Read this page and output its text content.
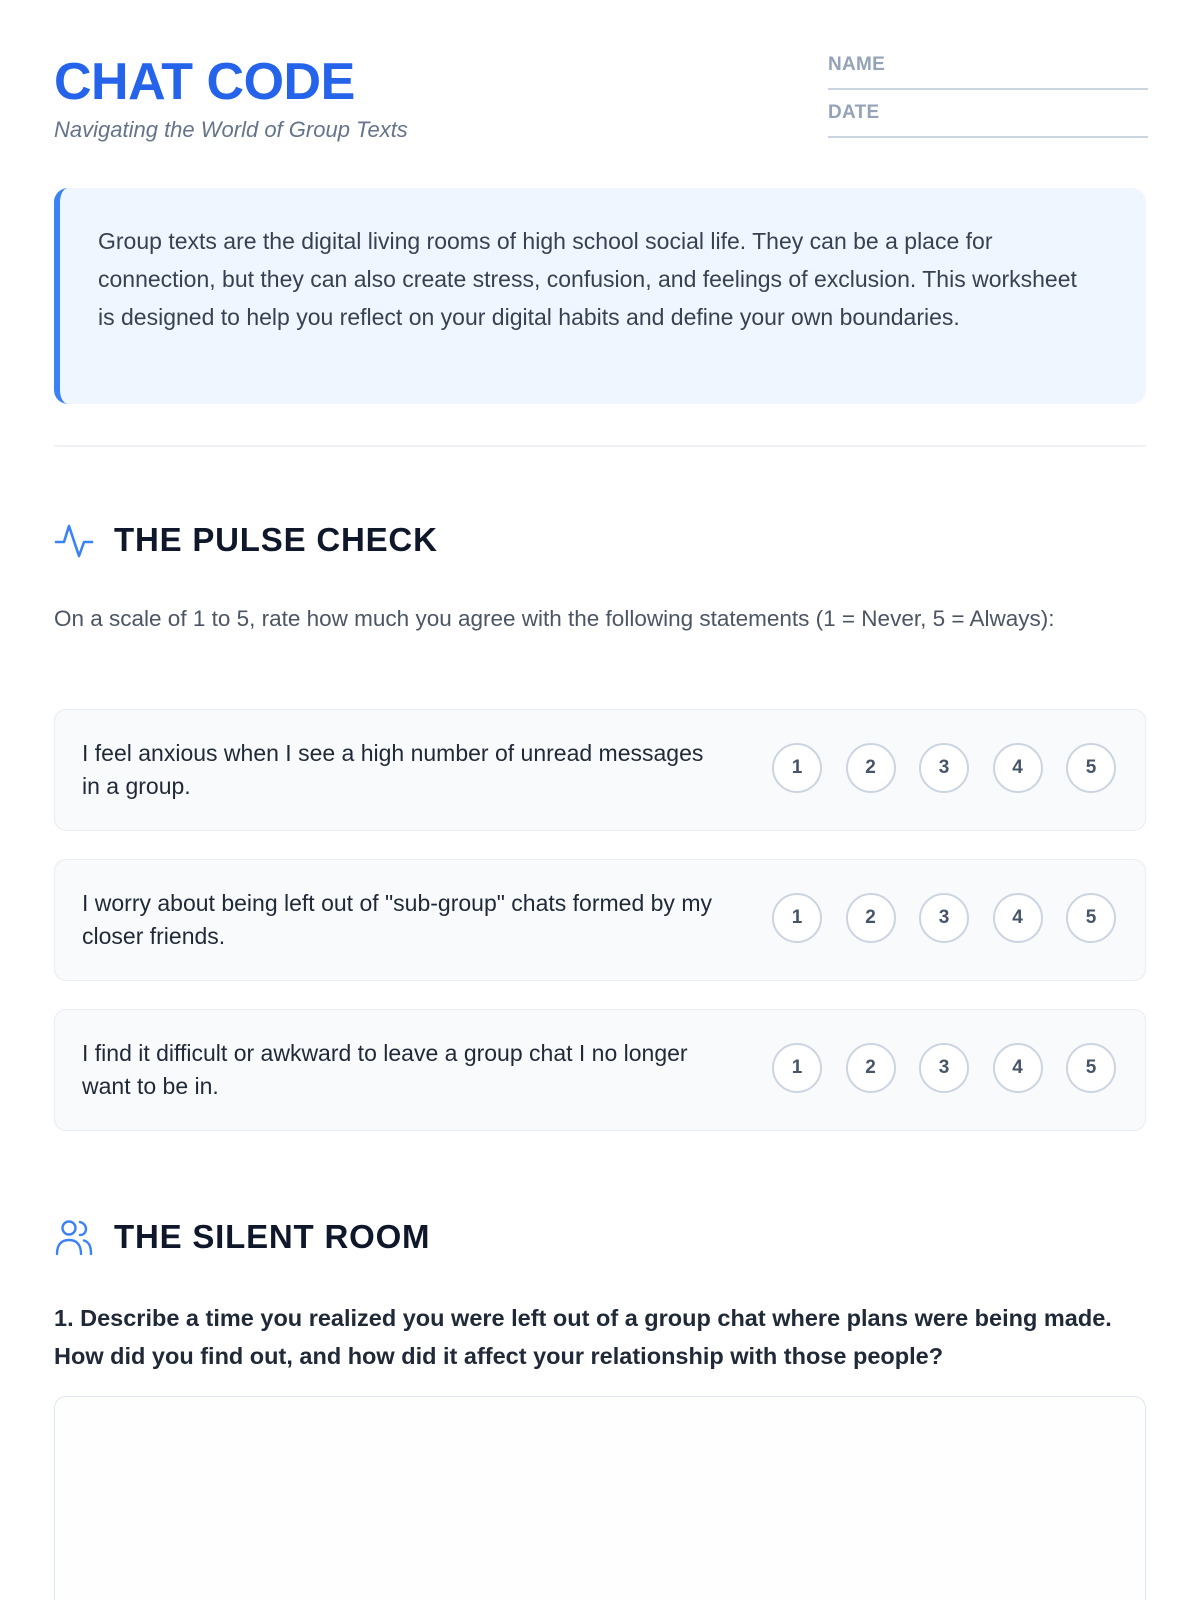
CHAT CODE
Navigating the World of Group Texts
NAME
DATE
Group texts are the digital living rooms of high school social life. They can be a place for connection, but they can also create stress, confusion, and feelings of exclusion. This worksheet is designed to help you reflect on your digital habits and define your own boundaries.
THE PULSE CHECK
On a scale of 1 to 5, rate how much you agree with the following statements (1 = Never, 5 = Always):
I feel anxious when I see a high number of unread messages in a group.
1	2	3	4	5
I worry about being left out of "sub-group" chats formed by my closer friends.
1	2	3	4	5
I find it difficult or awkward to leave a group chat I no longer want to be in.
1	2	3	4	5
THE SILENT ROOM
1. Describe a time you realized you were left out of a group chat where plans were being made. How did you find out, and how did it affect your relationship with those people?
